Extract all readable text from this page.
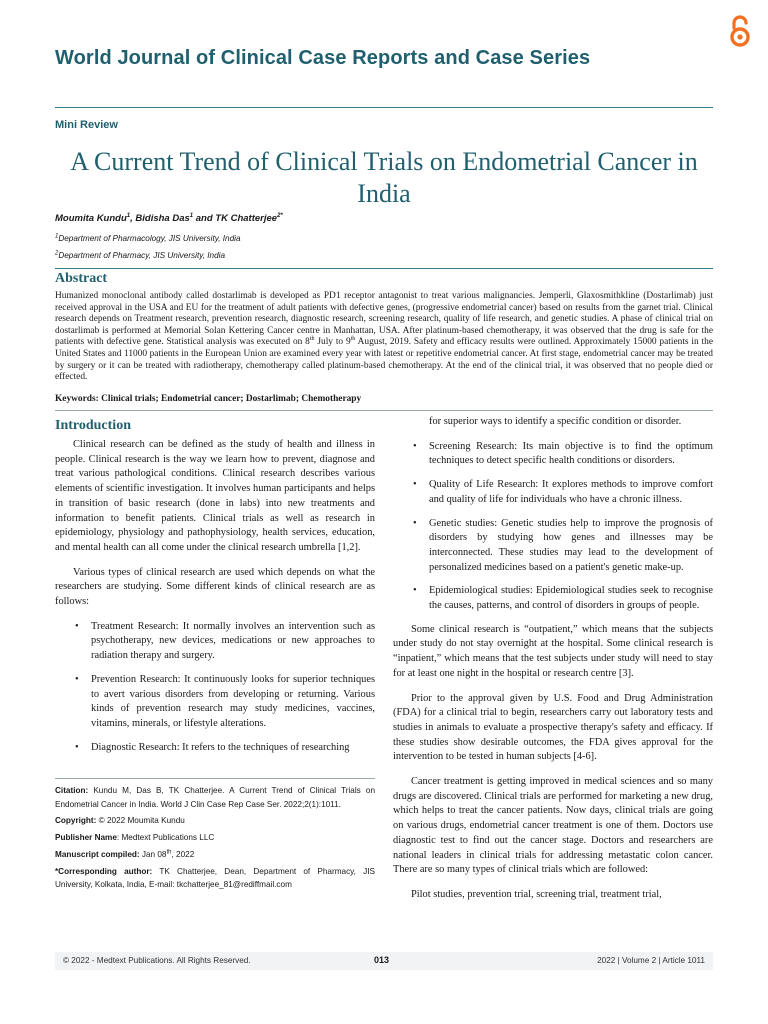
World Journal of Clinical Case Reports and Case Series
Mini Review
A Current Trend of Clinical Trials on Endometrial Cancer in India
Moumita Kundu$^1$, Bidisha Das$^1$ and TK Chatterjee$^{2*}$
$^1$Department of Pharmacology, JIS University, India
$^2$Department of Pharmacy, JIS University, India
Abstract

Humanized monoclonal antibody called dostarlimab is developed as PD1 receptor antagonist to treat various malignancies. Jemperli, Glaxosmithkline (Dostarlimab) just received approval in the USA and EU for the treatment of adult patients with defective genes, (progressive endometrial cancer) based on results from the garnet trial. Clinical research depends on Treatment research, prevention research, diagnostic research, screening research, quality of life research, and genetic studies. A phase of clinical trial on dostarlimab is performed at Memorial Solan Kettering Cancer centre in Manhattan, USA. After platinum-based chemotherapy, it was observed that the drug is safe for the patients with defective gene. Statistical analysis was executed on 8th July to 9th August, 2019. Safety and efficacy results were outlined. Approximately 15000 patients in the United States and 11000 patients in the European Union are examined every year with latest or repetitive endometrial cancer. At first stage, endometrial cancer may be treated by surgery or it can be treated with radiotherapy, chemotherapy called platinum-based chemotherapy. At the end of the clinical trial, it was observed that no people died or effected.

Keywords: Clinical trials; Endometrial cancer; Dostarlimab; Chemotherapy
Introduction

Clinical research can be defined as the study of health and illness in people. Clinical research is the way we learn how to prevent, diagnose and treat various pathological conditions. Clinical research describes various elements of scientific investigation. It involves human participants and helps in transition of basic research (done in labs) into new treatments and information to benefit patients. Clinical trials as well as research in epidemiology, physiology and pathophysiology, health services, education, and mental health can all come under the clinical research umbrella [1,2].

Various types of clinical research are used which depends on what the researchers are studying. Some different kinds of clinical research are as follows:

• Treatment Research: It normally involves an intervention such as psychotherapy, new devices, medications or new approaches to radiation therapy and surgery.
• Prevention Research: It continuously looks for superior techniques to avert various disorders from developing or returning. Various kinds of prevention research may study medicines, vaccines, vitamins, minerals, or lifestyle alterations.
• Diagnostic Research: It refers to the techniques of researching

Citation: Kundu M, Das B, TK Chatterjee. A Current Trend of Clinical Trials on Endometrial Cancer in India. World J Clin Case Rep Case Ser. 2022;2(1):1011.

Copyright: © 2022 Moumita Kundu

Publisher Name: Medtext Publications LLC

Manuscript compiled: Jan 08th, 2022

*Corresponding author: TK Chatterjee, Dean, Department of Pharmacy, JIS University, Kolkata, India, E-mail: tkchatterjee_81@rediffmail.com

for superior ways to identify a specific condition or disorder.

• Screening Research: Its main objective is to find the optimum techniques to detect specific health conditions or disorders.
• Quality of Life Research: It explores methods to improve comfort and quality of life for individuals who have a chronic illness.
• Genetic studies: Genetic studies help to improve the prognosis of disorders by studying how genes and illnesses may be interconnected. These studies may lead to the development of personalized medicines based on a patient's genetic make-up.
• Epidemiological studies: Epidemiological studies seek to recognise the causes, patterns, and control of disorders in groups of people.

Some clinical research is “outpatient,” which means that the subjects under study do not stay overnight at the hospital. Some clinical research is “inpatient,” which means that the test subjects under study will need to stay for at least one night in the hospital or research centre [3].

Prior to the approval given by U.S. Food and Drug Administration (FDA) for a clinical trial to begin, researchers carry out laboratory tests and studies in animals to evaluate a prospective therapy's safety and efficacy. If these studies show desirable outcomes, the FDA gives approval for the intervention to be tested in human subjects [4-6].

Cancer treatment is getting improved in medical sciences and so many drugs are discovered. Clinical trials are performed for marketing a new drug, which helps to treat the cancer patients. Now days, clinical trials are going on various drugs, endometrial cancer treatment is one of them. Doctors use diagnostic test to find out the cancer stage. Doctors and researchers are national leaders in clinical trials for addressing metastatic colon cancer. There are so many types of clinical trials which are followed:

Pilot studies, prevention trial, screening trial, treatment trial,

© 2022 - Medtext Publications. All Rights Reserved.	013	2022 | Volume 2 | Article 1011
